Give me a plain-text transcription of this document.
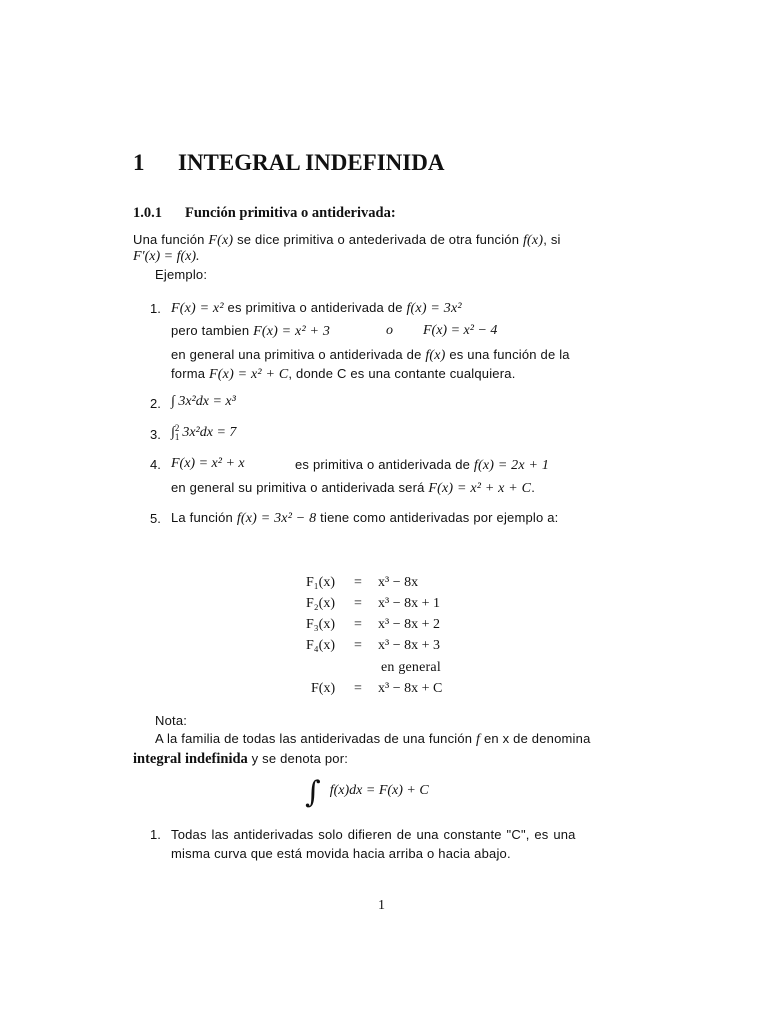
1 INTEGRAL INDEFINIDA
1.0.1 Función primitiva o antiderivada:
Una función F(x) se dice primitiva o antederivada de otra función f(x), si
F′(x) = f(x).
Ejemplo:
1. F(x) = x² es primitiva o antiderivada de f(x) = 3x²
pero tambien F(x) = x² + 3	o F(x) = x² − 4
en general una primitiva o antiderivada de f(x) es una función de la
forma F(x) = x² + C, donde C es una contante cualquiera.
2. ∫ 3x²dx = x³
3. ∫2
1 3x²dx = 7
4. F(x) = x² + x	es primitiva o antiderivada de f(x) = 2x + 1
en general su primitiva o antiderivada será F(x) = x² + x + C.
5. La función f(x) = 3x² − 8 tiene como antiderivadas por ejemplo a:
F₁(x) = x³ − 8x
F₂(x) = x³ − 8x + 1
F₃(x) = x³ − 8x + 2
F₄(x) = x³ − 8x + 3
en general
F(x) = x³ − 8x + C
Nota:
A la familia de todas las antiderivadas de una función f en x de denomina
integral indefinida y se denota por:
∫ f(x)dx = F(x) + C
1. Todas las antiderivadas solo difieren de una constante "C", es una
misma curva que está movida hacia arriba o hacia abajo.
1
